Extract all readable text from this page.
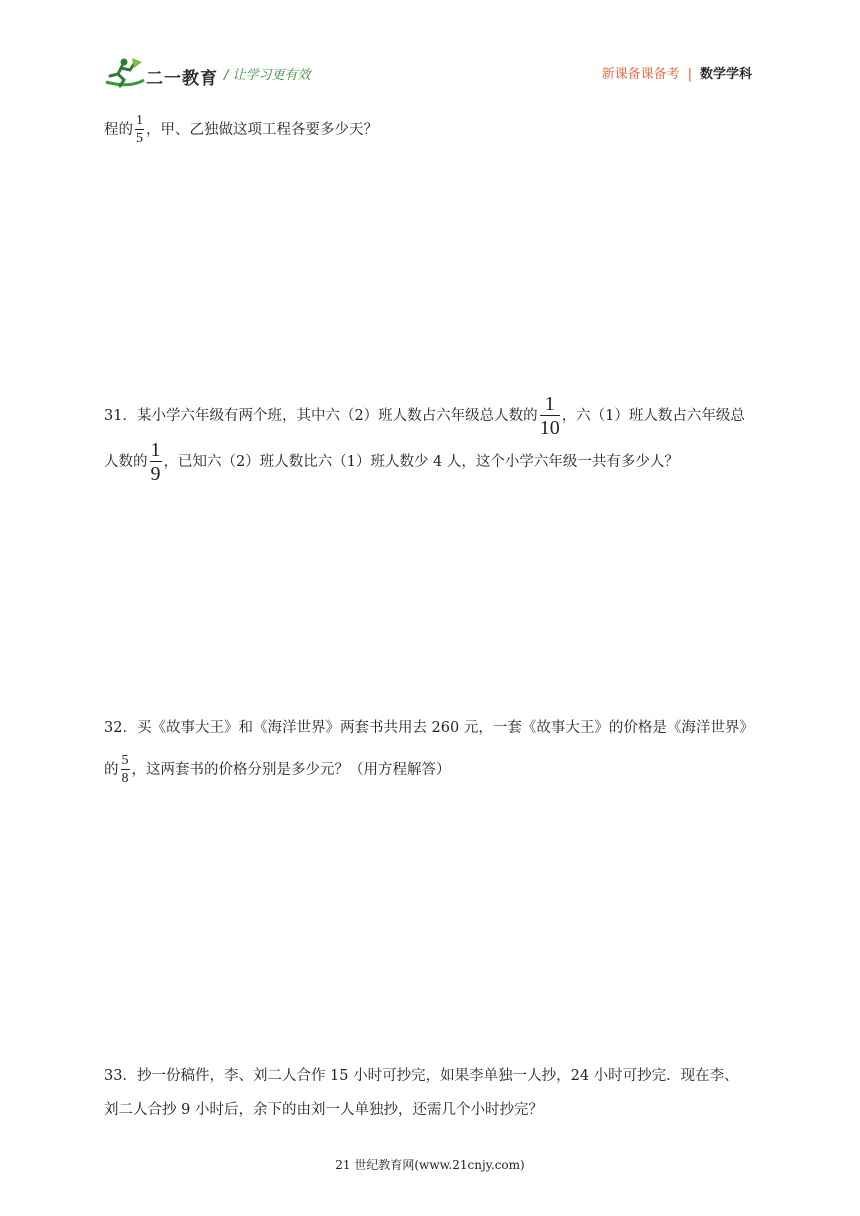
二一教育 / 让学习更有效	新课备课备考 | 数学学科
程的 $\frac{1}{5}$ ，甲、乙独做这项工程各要多少天？
31．某小学六年级有两个班，其中六（2）班人数占六年级总人数的 $\frac{1}{10}$ ，六（1）班人数占六年级总
人数的 $\frac{1}{9}$ ，已知六（2）班人数比六（1）班人数少 4 人，这个小学六年级一共有多少人？
32．买《故事大王》和《海洋世界》两套书共用去 260 元，一套《故事大王》的价格是《海洋世界》
的 $\frac{5}{8}$ ，这两套书的价格分别是多少元？（用方程解答）
33．抄一份稿件，李、刘二人合作 15 小时可抄完，如果李单独一人抄，24 小时可抄完．现在李、
刘二人合抄 9 小时后，余下的由刘一人单独抄，还需几个小时抄完？
21 世纪教育网(www.21cnjy.com)
